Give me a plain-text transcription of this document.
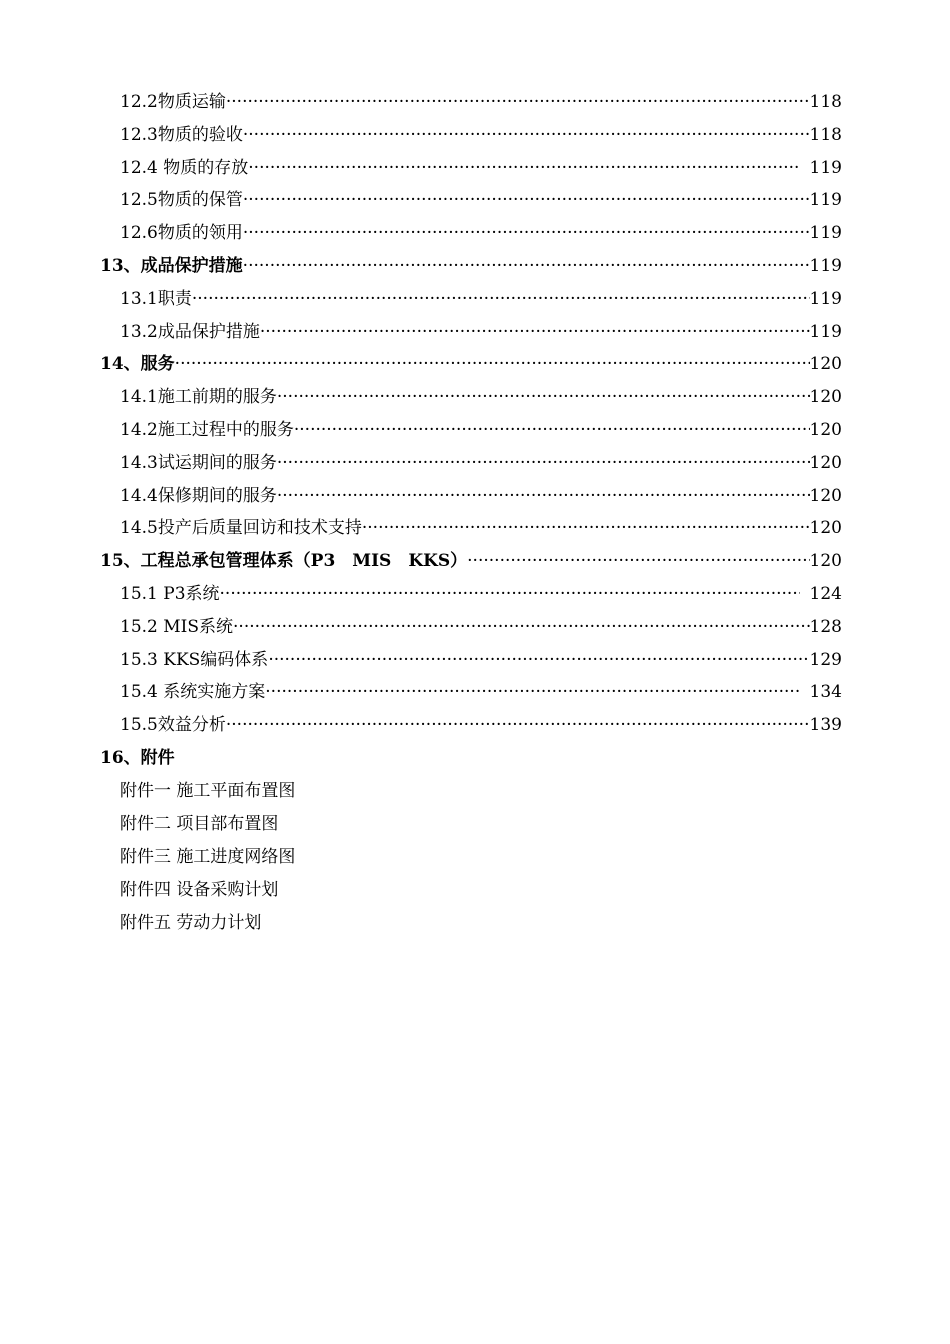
12.2物质运输 ·····	118
12.3物质的验收 ·····	118
12.4 物质的存放 ·····	119
12.5物质的保管 ·····	119
12.6物质的领用 ·····	119
13、成品保护措施 ·····	119
13.1职责 ·····	119
13.2成品保护措施 ·····	119
14、服务 ·····	120
14.1施工前期的服务 ·····	120
14.2施工过程中的服务 ·····	120
14.3试运期间的服务 ·····	120
14.4保修期间的服务 ·····	120
14.5投产后质量回访和技术支持 ·····	120
15、工程总承包管理体系（P3　MIS　KKS） ·····	120
15.1 P3系统 ·····	124
15.2 MIS系统 ·····	128
15.3 KKS编码体系 ·····	129
15.4 系统实施方案 ·····	134
15.5效益分析 ·····	139
16、附件
附件一 施工平面布置图
附件二 项目部布置图
附件三 施工进度网络图
附件四 设备采购计划
附件五 劳动力计划
